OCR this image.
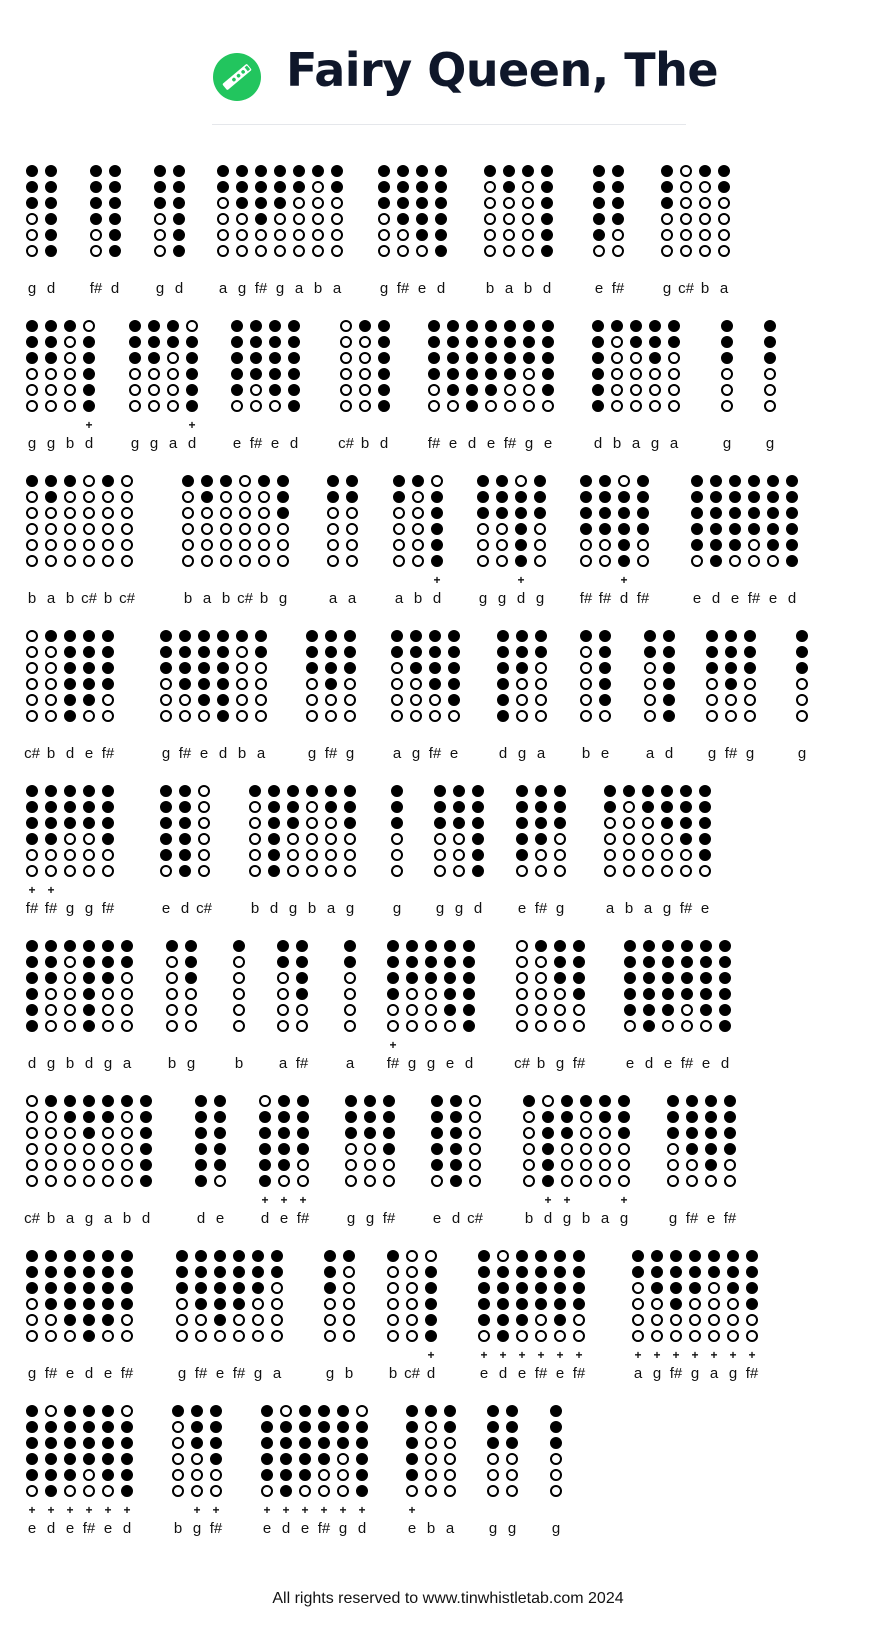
Fairy Queen, The
g d	f# d	g d	a g f# g a b a	g f# e d	b a b d	e f#	g c# b a
g g b
+
d	g g a
+
d	e f# e d	c# b d	f# e d e f# g e	d b a g a	g	g
b a b c# b c#	b a b c# b g	a a	a b
+
d	g g
+
d g	f# f#
+
d f#	e d e f# e d
c# b d e f#	g f# e d b a	g f# g	a g f# e	d g a	b e	a d	g f# g	g
+
f#
+
f# g g f#	e d c#	b d g b a g	g	g g d	e f# g	a b a g f# e
d g b d g a	b g	b	a f#	a
+
f# g g e d	c# b g f#	e d e f# e d
c# b a g a b d	d e
+
d
+
e
+
f#	g g f#	e d c#	b
+
d
+
g b a
+
g	g f# e f#
g f# e d e f#	g f# e f# g a	g b	b c#
+
d
+
e
+
d
+
e
+
f#
+
e
+
f#
+
a
+
g
+
f#
+
g
+
a
+
g
+
f#
+
e
+
d
+
e
+
f#
+
e
+
d	b
+
g
+
f#
+
e
+
d
+
e
+
f#
+
g
+
d
+
e b a	g g	g
All rights reserved to www.tinwhistletab.com 2024
